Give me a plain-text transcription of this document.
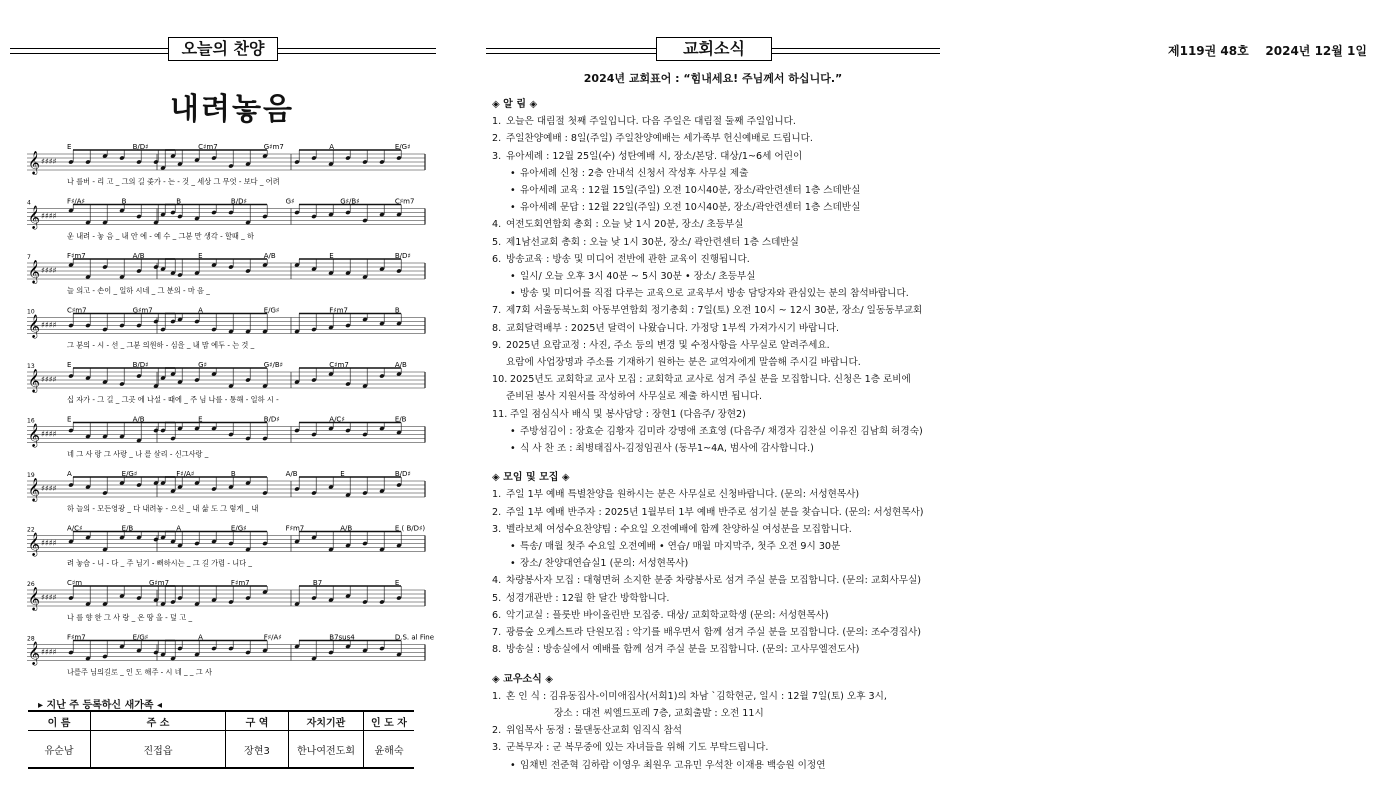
제119권 48호    2024년 12월 1일
오늘의 찬양
내려놓음
E	B/D♯	C♯m7	G♯m7	A	E/G♯
𝄞 ♯♯♯♯
나 를버 - 리 고 _ 그의 길 좇가 - 는 - 것 _ 세상 그 무엇 - 보다 _ 어려
4	F♯/A♯	B	B	B/D♯	G♯	G♯/B♯	C♯m7
𝄞 ♯♯♯♯
운 내려 - 놓 음 _ 내 안 에 - 예 수 _ 그분 만 생각 - 할때 _ 하
7	F♯m7	A/B	E	A/B	E	B/D♯
𝄞 ♯♯♯♯
늘 의고 - 손이 _ 일하 시네 _ 그 분의 - 마 음 _
10	C♯m7	G♯m7	A	E/G♯	F♯m7	B
𝄞 ♯♯♯♯
그 분의 - 시 - 선 _ 그분 의원하 - 심을 _ 내 맘 에두 - 는 것 _
13	E	B/D♯	G♯	G♯/B♯	C♯m7	A/B
𝄞 ♯♯♯♯
십 자가 - 그 길 _ 그곳 에 나설 - 때에 _ 주 님 나를 - 통해 - 일하 시 -
16	E	A/B	E	B/D♯	A/C♯	E/B
𝄞 ♯♯♯♯
네 그 사 랑 그 사랑 _ 나 를 살리 - 신그사랑 _
19	A	E/G♯	F♯/A♯	B	A/B	E	B/D♯
𝄞 ♯♯♯♯
하 늘의 - 모든영광 _ 다 내려놓 - 으신 _ 내 삶 도 그 렇게 _ 내
22	A/C♯	E/B	A	E/G♯	F♯m7	A/B	E ( B/D♯)
𝄞 ♯♯♯♯
려 놓습 - 니 - 다 _ 주 님기 - 뻐하시는 _ 그 길 가렵 - 니다 _
26	C♯m	G♯m7	F♯m7	B7	E
𝄞 ♯♯♯♯
나 를 향 한 그 사 랑 _ 온 땅 을 - 덮 고 _
28	F♯m7	E/G♯	A	F♯/A♯	B7sus4	D.S. al Fine
𝄞 ♯♯♯♯
나를주 님의길로 _ 인 도 해주 - 시 네 _ _ 그 사
▸ 지난 주 등록하신 새가족 ◂
이 름	주 소	구 역	자치기관	인 도 자
유순남	진접읍	장현3	한나여전도회	윤해숙
교회소식
2024년 교회표어 : “힘내세요! 주님께서 하십니다.”
◈ 알 림 ◈
1. 오늘은 대림절 첫째 주일입니다. 다음 주일은 대림절 둘째 주일입니다.
2. 주일찬양예배 : 8일(주일) 주일찬양예배는 세가족부 헌신예배로 드립니다.
3. 유아세례 : 12월 25일(수) 성탄예배 시, 장소/본당. 대상/1~6세 어린이
• 유아세례 신청 : 2층 안내석 신청서 작성후 사무실 제출
• 유아세례 교육 : 12월 15일(주일) 오전 10시40분, 장소/곽안련센터 1층 스데반실
• 유아세례 문답 : 12월 22일(주일) 오전 10시40분, 장소/곽안련센터 1층 스데반실
4. 여전도회연합회 총회 : 오늘 낮 1시 20분, 장소/ 초등부실
5. 제1남선교회 총회 : 오늘 낮 1시 30분, 장소/ 곽안련센터 1층 스데반실
6. 방송교육 : 방송 및 미디어 전반에 관한 교육이 진행됩니다.
• 일시/ 오늘 오후 3시 40분 ~ 5시 30분 • 장소/ 초등부실
• 방송 및 미디어를 직접 다루는 교육으로 교육부서 방송 담당자와 관심있는 분의 참석바랍니다.
7. 제7회 서울동북노회 아동부연합회 정기총회 : 7일(토) 오전 10시 ~ 12시 30분, 장소/ 일동동부교회
8. 교회달력배부 : 2025년 달력이 나왔습니다. 가정당 1부씩 가져가시기 바랍니다.
9. 2025년 요람교정 : 사진, 주소 등의 변경 및 수정사항을 사무실로 알려주세요.
요람에 사업장명과 주소를 기재하기 원하는 분은 교역자에게 말씀해 주시길 바랍니다.
10. 2025년도 교회학교 교사 모집 : 교회학교 교사로 섬겨 주실 분을 모집합니다. 신청은 1층 로비에
준비된 봉사 지원서를 작성하여 사무실로 제출 하시면 됩니다.
11. 주일 점심식사 배식 및 봉사담당 : 장현1 (다음주/ 장현2)
• 주방섬김이 : 장효순 김황자 김미라 강명애 조효영 (다음주/ 채경자 김찬실 이유진 김남희 허경숙)
• 식 사 찬 조 : 최병태집사-김정임권사 (동부1~4A, 범사에 감사합니다.)
◈ 모임 및 모집 ◈
1. 주일 1부 예배 특별찬양을 원하시는 분은 사무실로 신청바랍니다. (문의: 서성현목사)
2. 주일 1부 예배 반주자 : 2025년 1월부터 1부 예배 반주로 섬기실 분을 찾습니다. (문의: 서성현목사)
3. 벨라보체 여성수요찬양팀 : 수요일 오전예배에 함께 찬양하실 여성분을 모집합니다.
• 특송/ 매월 첫주 수요일 오전예배 • 연습/ 매월 마지막주, 첫주 오전 9시 30분
• 장소/ 찬양대연습실1 (문의: 서성현목사)
4. 차량봉사자 모집 : 대형면허 소지한 분중 차량봉사로 섬겨 주실 분을 모집합니다. (문의: 교회사무실)
5. 성경개관반 : 12월 한 달간 방학합니다.
6. 악기교실 : 플룻반 바이올린반 모집중. 대상/ 교회학교학생 (문의: 서성현목사)
7. 광릉숲 오케스트라 단원모집 : 악기를 배우면서 함께 섬겨 주실 분을 모집합니다. (문의: 조수경집사)
8. 방송실 : 방송실에서 예배를 함께 섬겨 주실 분을 모집합니다. (문의: 고사무엘전도사)
◈ 교우소식 ◈
1. 혼 인 식 : 김유동집사-이미애집사(서희1)의 차남 `김학현군, 일시 : 12월 7일(토) 오후 3시,
장소 : 대전 씨엘드포레 7층, 교회출발 : 오전 11시
2. 위임목사 동정 : 물댄동산교회 임직식 참석
3. 군복무자 : 군 복무중에 있는 자녀들을 위해 기도 부탁드립니다.
• 임채빈 전준혁 김하람 이영우 최원우 고유민 우석찬 이재용 백승원 이정연
